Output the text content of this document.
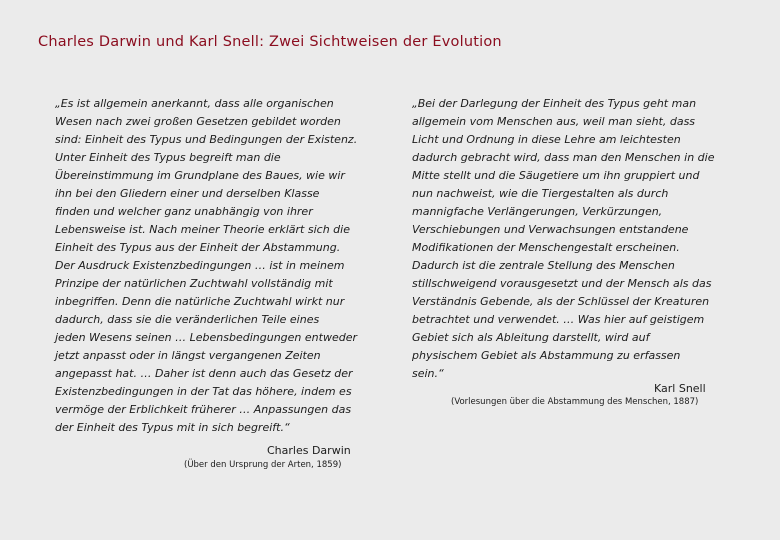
Charles Darwin und Karl Snell: Zwei Sichtweisen der Evolution
„Es ist allgemein anerkannt, dass alle organischen
Wesen nach zwei großen Gesetzen gebildet worden
sind: Einheit des Typus und Bedingungen der Existenz.
Unter Einheit des Typus begreift man die
Übereinstimmung im Grundplane des Baues, wie wir
ihn bei den Gliedern einer und derselben Klasse
finden und welcher ganz unabhängig von ihrer
Lebensweise ist. Nach meiner Theorie erklärt sich die
Einheit des Typus aus der Einheit der Abstammung.
Der Ausdruck Existenzbedingungen … ist in meinem
Prinzipe der natürlichen Zuchtwahl vollständig mit
inbegriffen. Denn die natürliche Zuchtwahl wirkt nur
dadurch, dass sie die veränderlichen Teile eines
jeden Wesens seinen … Lebensbedingungen entweder
jetzt anpasst oder in längst vergangenen Zeiten
angepasst hat. … Daher ist denn auch das Gesetz der
Existenzbedingungen in der Tat das höhere, indem es
vermöge der Erblichkeit früherer … Anpassungen das
der Einheit des Typus mit in sich begreift.“
Charles Darwin
(Über den Ursprung der Arten, 1859)
„Bei der Darlegung der Einheit des Typus geht man
allgemein vom Menschen aus, weil man sieht, dass
Licht und Ordnung in diese Lehre am leichtesten
dadurch gebracht wird, dass man den Menschen in die
Mitte stellt und die Säugetiere um ihn gruppiert und
nun nachweist, wie die Tiergestalten als durch
mannigfache Verlängerungen, Verkürzungen,
Verschiebungen und Verwachsungen entstandene
Modifikationen der Menschengestalt erscheinen.
Dadurch ist die zentrale Stellung des Menschen
stillschweigend vorausgesetzt und der Mensch als das
Verständnis Gebende, als der Schlüssel der Kreaturen
betrachtet und verwendet. … Was hier auf geistigem
Gebiet sich als Ableitung darstellt, wird auf
physischem Gebiet als Abstammung zu erfassen
sein.“
Karl Snell
(Vorlesungen über die Abstammung des Menschen, 1887)
